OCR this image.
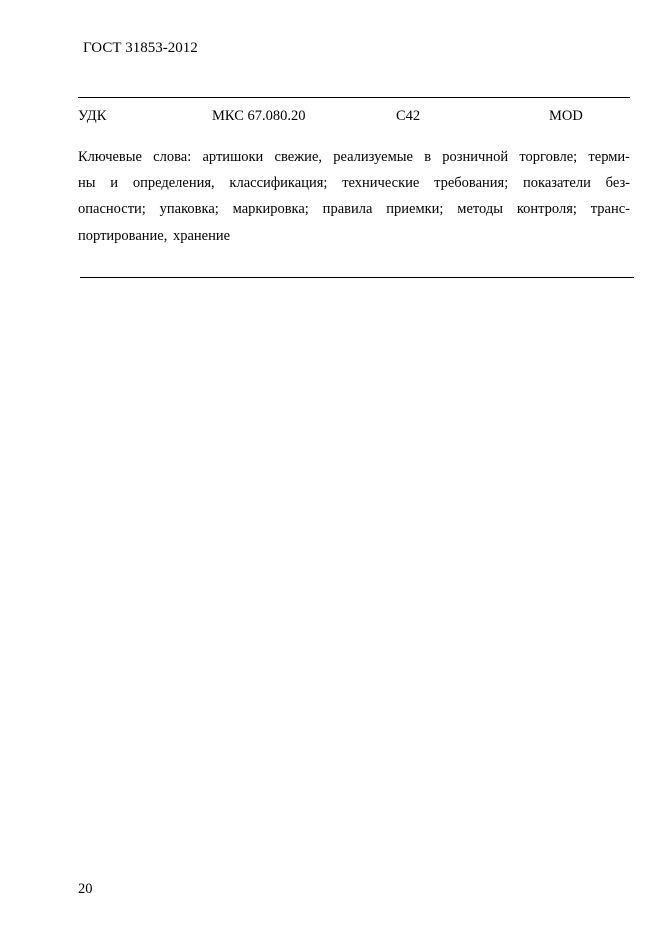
ГОСТ 31853-2012
УДК	МКС 67.080.20	С42	MOD
Ключевые слова: артишоки свежие, реализуемые в розничной торговле; терми-
ны и определения, классификация; технические требования; показатели без-
опасности; упаковка; маркировка; правила приемки; методы контроля; транс-
портирование, хранение
20
